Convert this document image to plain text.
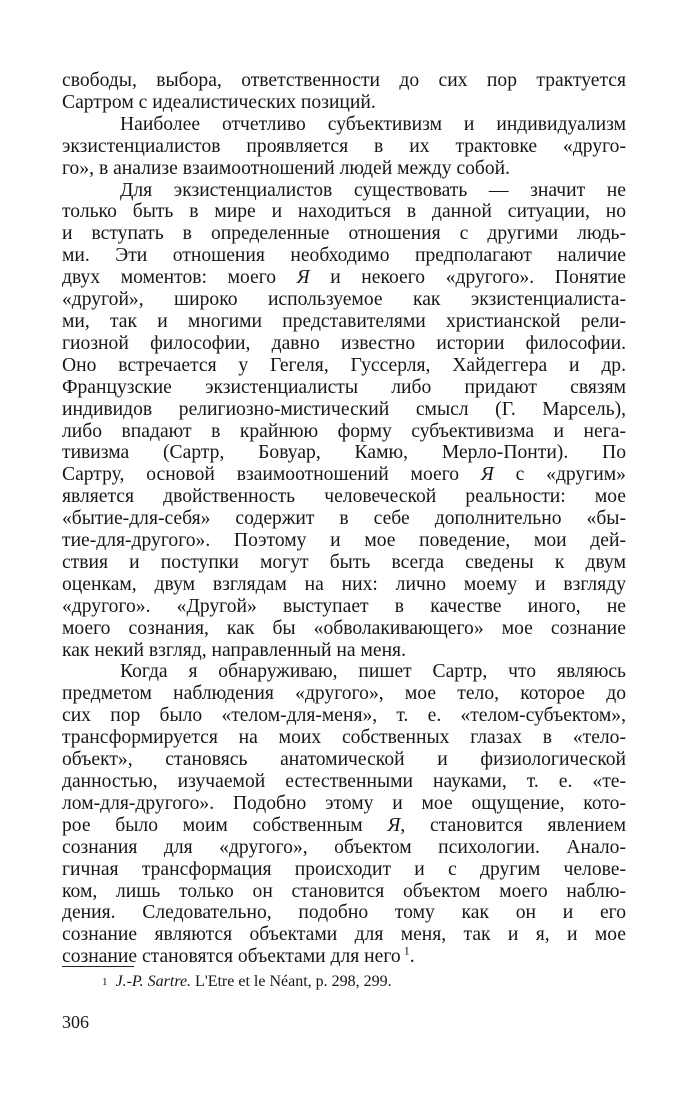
свободы, выбора, ответственности до сих пор трактуется
Сартром с идеалистических позиций.

Наиболее отчетливо субъективизм и индивидуализм
экзистенциалистов проявляется в их трактовке «друго-
го», в анализе взаимоотношений людей между собой.

Для экзистенциалистов существовать — значит не
только быть в мире и находиться в данной ситуации, но
и вступать в определенные отношения с другими людь-
ми. Эти отношения необходимо предполагают наличие
двух моментов: моего Я и некоего «другого». Понятие
«другой», широко используемое как экзистенциалиста-
ми, так и многими представителями христианской рели-
гиозной философии, давно известно истории философии.
Оно встречается у Гегеля, Гуссерля, Хайдеггера и др.
Французские экзистенциалисты либо придают связям
индивидов религиозно-мистический смысл (Г. Марсель),
либо впадают в крайнюю форму субъективизма и нега-
тивизма (Сартр, Бовуар, Камю, Мерло-Понти). По
Сартру, основой взаимоотношений моего Я с «другим»
является двойственность человеческой реальности: мое
«бытие-для-себя» содержит в себе дополнительно «бы-
тие-для-другого». Поэтому и мое поведение, мои дей-
ствия и поступки могут быть всегда сведены к двум
оценкам, двум взглядам на них: лично моему и взгляду
«другого». «Другой» выступает в качестве иного, не
моего сознания, как бы «обволакивающего» мое сознание
как некий взгляд, направленный на меня.

Когда я обнаруживаю, пишет Сартр, что являюсь
предметом наблюдения «другого», мое тело, которое до
сих пор было «телом-для-меня», т. е. «телом-субъектом»,
трансформируется на моих собственных глазах в «тело-
объект», становясь анатомической и физиологической
данностью, изучаемой естественными науками, т. е. «те-
лом-для-другого». Подобно этому и мое ощущение, кото-
рое было моим собственным Я, становится явлением
сознания для «другого», объектом психологии. Анало-
гичная трансформация происходит и с другим челове-
ком, лишь только он становится объектом моего наблю-
дения. Следовательно, подобно тому как он и его
сознание являются объектами для меня, так и я, и мое
сознание становятся объектами для него $^1$.

$^1$ J.-P. Sartre. L'Etre et le Néant, p. 298, 299.
306
